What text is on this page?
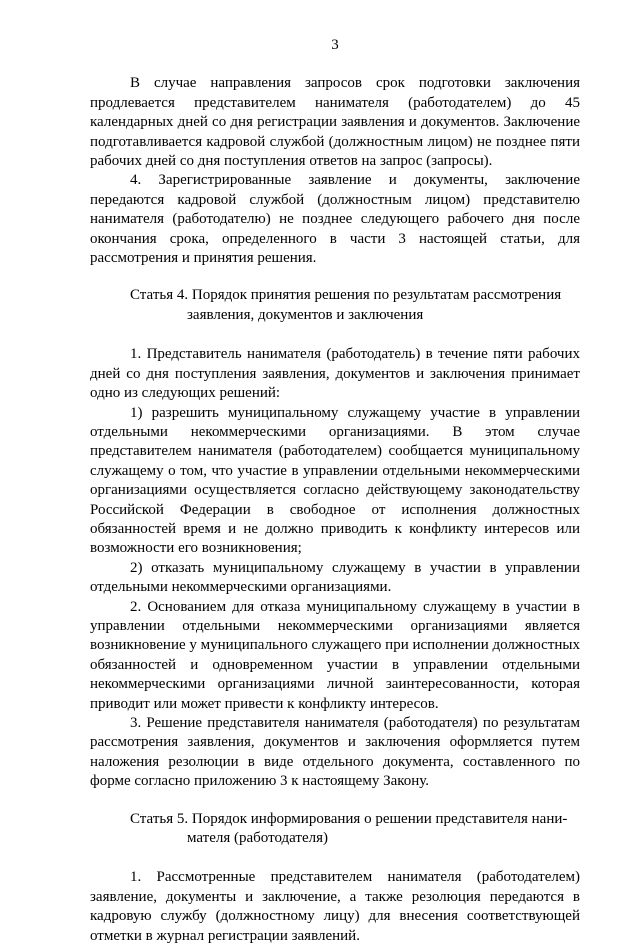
3

В случае направления запросов срок подготовки заключения продлевается представителем нанимателя (работодателем) до 45 календарных дней со дня регистрации заявления и документов. Заключение подготавливается кадровой службой (должностным лицом) не позднее пяти рабочих дней со дня поступления ответов на запрос (запросы).

4. Зарегистрированные заявление и документы, заключение передаются кадровой службой (должностным лицом) представителю нанимателя (работодателю) не позднее следующего рабочего дня после окончания срока, определенного в части 3 настоящей статьи, для рассмотрения и принятия решения.

Статья 4. Порядок принятия решения по результатам рассмотрения
заявления, документов и заключения

1. Представитель нанимателя (работодатель) в течение пяти рабочих дней со дня поступления заявления, документов и заключения принимает одно из следующих решений:

1) разрешить муниципальному служащему участие в управлении отдельными некоммерческими организациями. В этом случае представителем нанимателя (работодателем) сообщается муниципальному служащему о том, что участие в управлении отдельными некоммерческими организациями осуществляется согласно действующему законодательству Российской Федерации в свободное от исполнения должностных обязанностей время и не должно приводить к конфликту интересов или возможности его возникновения;

2) отказать муниципальному служащему в участии в управлении отдельными некоммерческими организациями.

2. Основанием для отказа муниципальному служащему в участии в управлении отдельными некоммерческими организациями является возникновение у муниципального служащего при исполнении должностных обязанностей и одновременном участии в управлении отдельными некоммерческими организациями личной заинтересованности, которая приводит или может привести к конфликту интересов.

3. Решение представителя нанимателя (работодателя) по результатам рассмотрения заявления, документов и заключения оформляется путем наложения резолюции в виде отдельного документа, составленного по форме согласно приложению 3 к настоящему Закону.

Статья 5. Порядок информирования о решении представителя нани-
мателя (работодателя)

1. Рассмотренные представителем нанимателя (работодателем) заявление, документы и заключение, а также резолюция передаются в кадровую службу (должностному лицу) для внесения соответствующей отметки в журнал регистрации заявлений.
